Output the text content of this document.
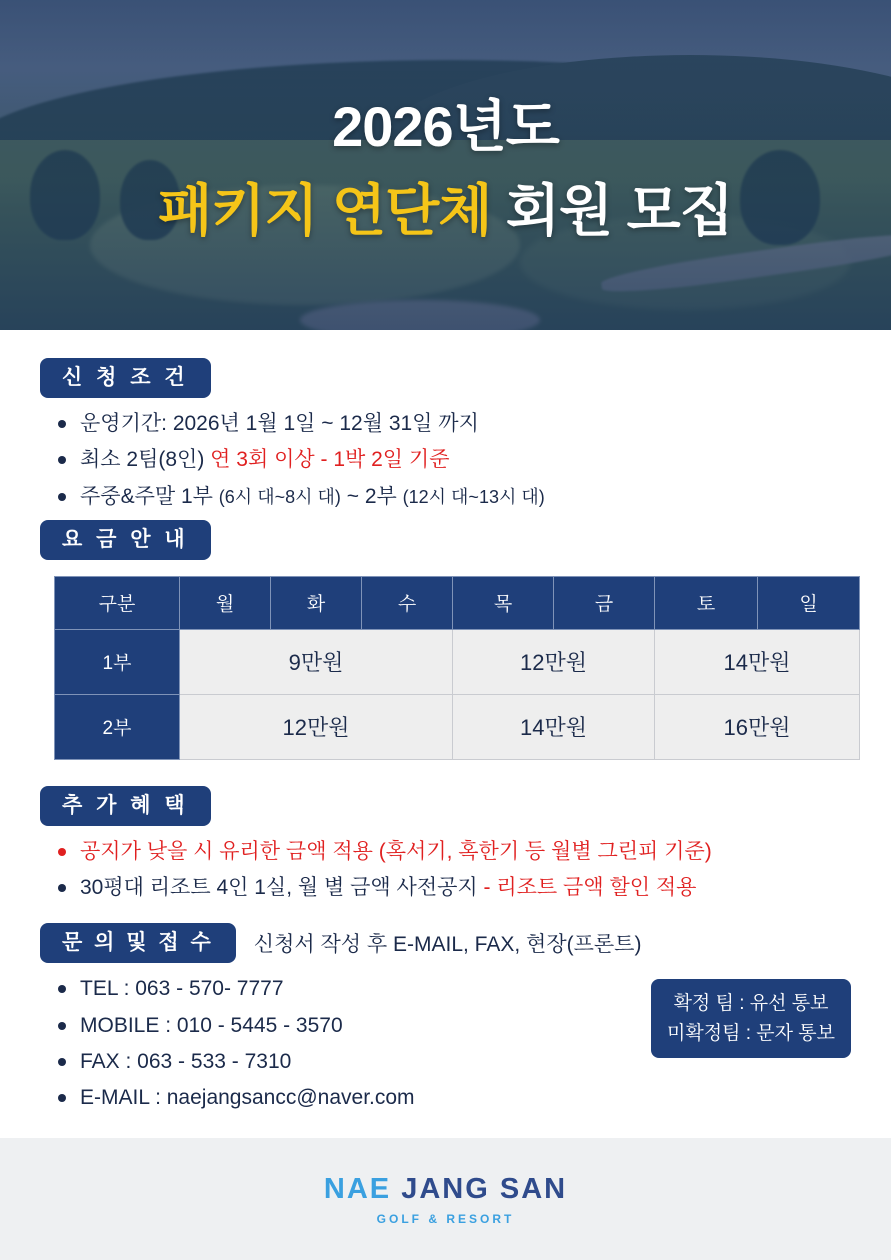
2026년도
패키지 연단체 회원 모집
신 청 조 건
운영기간: 2026년 1월 1일 ~ 12월 31일 까지
최소 2팀(8인) 연 3회 이상 - 1박 2일 기준
주중&주말 1부 (6시 대~8시 대) ~ 2부 (12시 대~13시 대)
요 금 안 내
구분	월	화	수	목	금	토	일
1부	9만원			12만원		14만원	
2부	12만원			14만원		16만원	
추 가 혜 택
공지가 낮을 시 유리한 금액 적용 (혹서기, 혹한기 등 월별 그린피 기준)
30평대 리조트 4인 1실, 월 별 금액 사전공지 - 리조트 금액 할인 적용
문 의 및 접 수	신청서 작성 후 E-MAIL, FAX, 현장(프론트)
TEL : 063 - 570- 7777
MOBILE : 010 - 5445 - 3570
FAX : 063 - 533 - 7310
E-MAIL : naejangsancc@naver.com
확정 팀 : 유선 통보
미확정팀 : 문자 통보
NAE JANG SAN
GOLF & RESORT
